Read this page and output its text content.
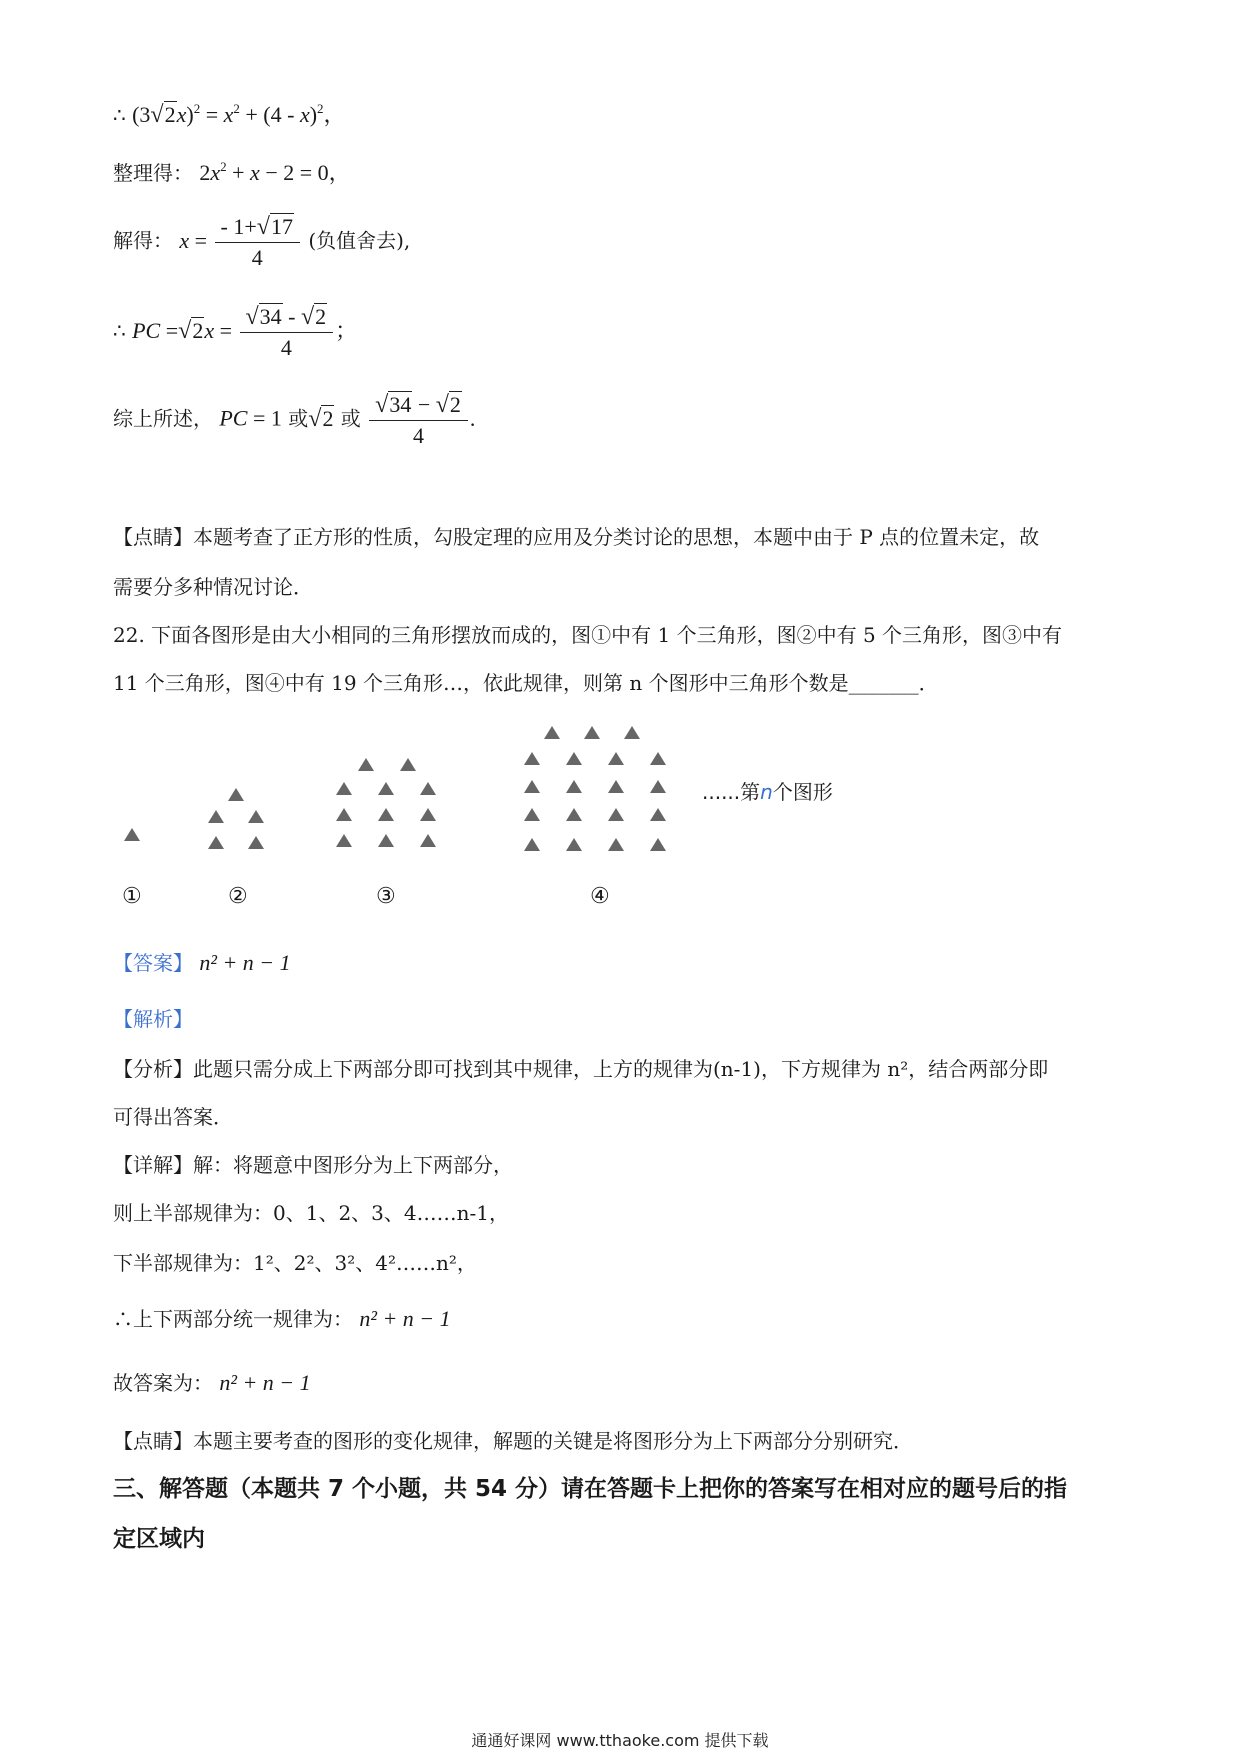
∴ $(3√2x)^2 = x^2 + (4 - x)^2$，
整理得： $2x^2 + x - 2 = 0$，
解得： $x = \frac{- 1+√17}{4}$ (负值舍去),
∴ PC $=√2x = \frac{√34 - √2}{4}$ ；
综上所述， PC = 1 或√2 或 $\frac{√34 - √2}{4}$ .
【点睛】本题考查了正方形的性质，勾股定理的应用及分类讨论的思想，本题中由于 P 点的位置未定，故
需要分多种情况讨论．
22. 下面各图形是由大小相同的三角形摆放而成的，图①中有 1 个三角形，图②中有 5 个三角形，图③中有
11 个三角形，图④中有 19 个三角形…，依此规律，则第 n 个图形中三角形个数是_______．
......第n个图形
①	②	③	④
【答案】 n² + n − 1
【解析】
【分析】此题只需分成上下两部分即可找到其中规律，上方的规律为(n-1)，下方规律为 n²，结合两部分即
可得出答案．
【详解】解：将题意中图形分为上下两部分，
则上半部规律为：0、1、2、3、4……n-1，
下半部规律为：1²、2²、3²、4²……n²，
∴上下两部分统一规律为： n² + n − 1
故答案为： n² + n − 1
【点睛】本题主要考查的图形的变化规律，解题的关键是将图形分为上下两部分分别研究．
三、解答题（本题共 7 个小题，共 54 分）请在答题卡上把你的答案写在相对应的题号后的指
定区域内
通通好课网 www.tthaoke.com 提供下载
